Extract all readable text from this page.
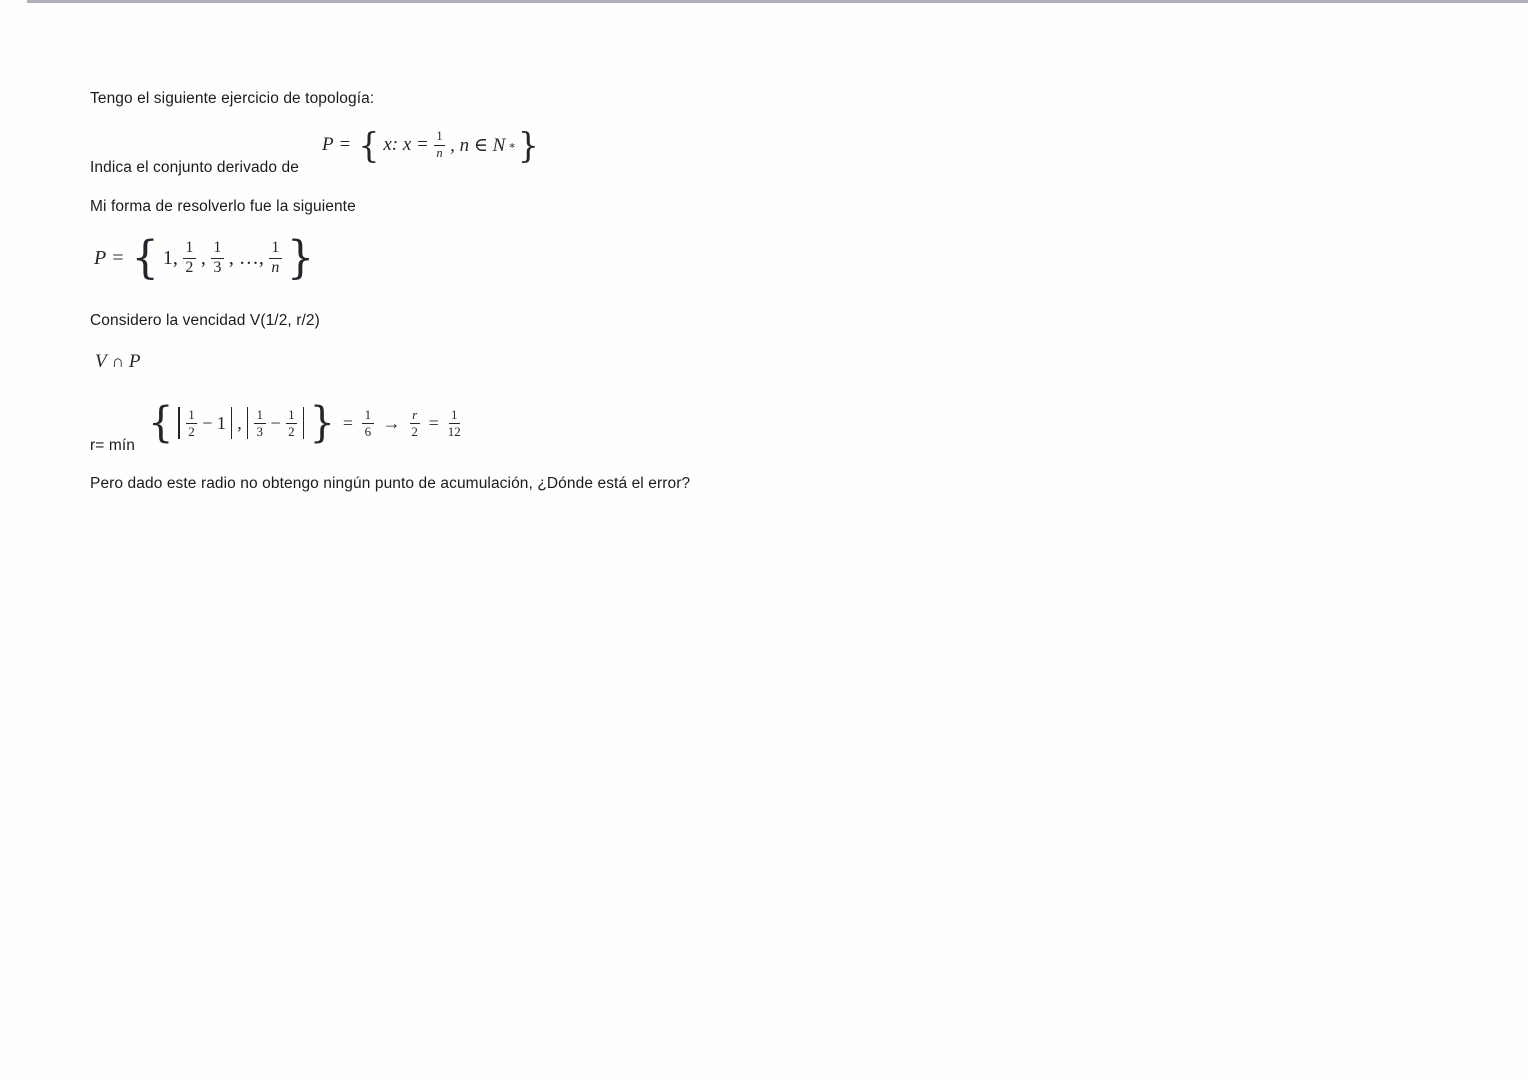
Tengo el siguiente ejercicio de topología:
P = { x: $x = \frac{1}{n}$ , n ∈ N ∗ }
Indica el conjunto derivado de
Mi forma de resolverlo fue la siguiente
P = { 1, $\frac{1}{2}$ , $\frac{1}{3}$ , …, $\frac{1}{n}$ }
Considero la vencidad V(1/2, r/2)
V ∩ P
r= mín { $\frac{1}{2} - 1$ , $\frac{1}{3} - \frac{1}{2}$ } = $\frac{1}{6} \to \frac{r}{2} = \frac{1}{12}$
Pero dado este radio no obtengo ningún punto de acumulación, ¿Dónde está el error?
